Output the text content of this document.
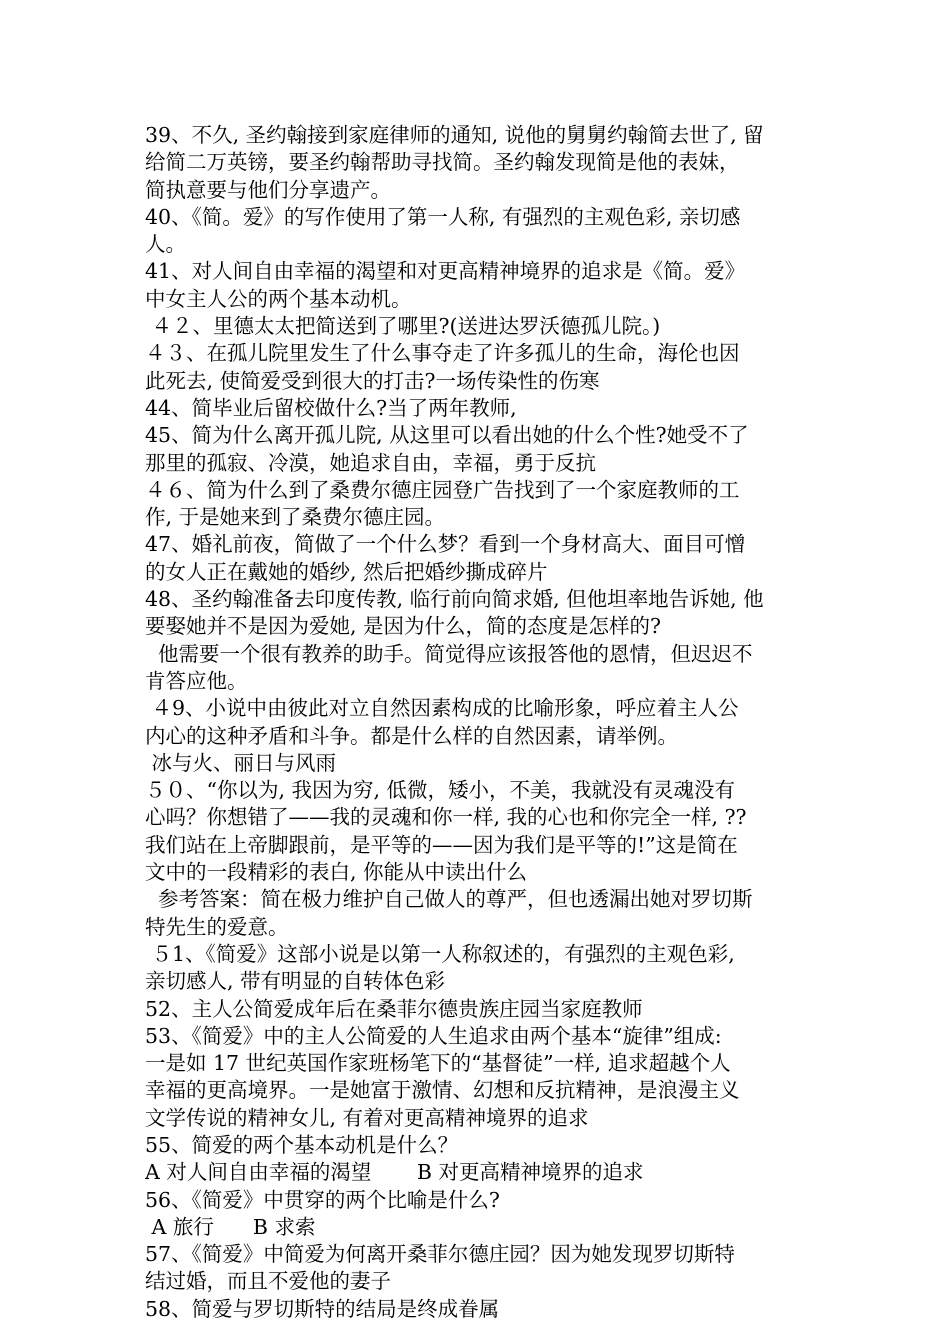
39、不久, 圣约翰接到家庭律师的通知, 说他的舅舅约翰简去世了, 留
给简二万英镑，要圣约翰帮助寻找简。圣约翰发现简是他的表妹，
简执意要与他们分享遗产。
40、《简。爱》的写作使用了第一人称, 有强烈的主观色彩, 亲切感
人。
41、对人间自由幸福的渴望和对更高精神境界的追求是《简。爱》
中女主人公的两个基本动机。
４２、里德太太把简送到了哪里?(送进达罗沃德孤儿院。)
４３、在孤儿院里发生了什么事夺走了许多孤儿的生命，海伦也因
此死去, 使简爱受到很大的打击?一场传染性的伤寒
44、简毕业后留校做什么?当了两年教师,
45、简为什么离开孤儿院, 从这里可以看出她的什么个性?她受不了
那里的孤寂、冷漠，她追求自由，幸福，勇于反抗
４６、简为什么到了桑费尔德庄园登广告找到了一个家庭教师的工
作, 于是她来到了桑费尔德庄园。
47、婚礼前夜，简做了一个什么梦？看到一个身材高大、面目可憎
的女人正在戴她的婚纱, 然后把婚纱撕成碎片
48、圣约翰准备去印度传教, 临行前向简求婚, 但他坦率地告诉她, 他
要娶她并不是因为爱她, 是因为什么，简的态度是怎样的?
他需要一个很有教养的助手。简觉得应该报答他的恩情，但迟迟不
肯答应他。
４9、小说中由彼此对立自然因素构成的比喻形象，呼应着主人公
内心的这种矛盾和斗争。都是什么样的自然因素，请举例。
冰与火、丽日与风雨
５０、“你以为, 我因为穷, 低微，矮小，不美，我就没有灵魂没有
心吗？你想错了——我的灵魂和你一样, 我的心也和你完全一样, ??
我们站在上帝脚跟前，是平等的——因为我们是平等的!”这是简在
文中的一段精彩的表白, 你能从中读出什么
参考答案：简在极力维护自己做人的尊严，但也透漏出她对罗切斯
特先生的爱意。
５1、《简爱》这部小说是以第一人称叙述的，有强烈的主观色彩,
亲切感人, 带有明显的自转体色彩
52、主人公简爱成年后在桑菲尔德贵族庄园当家庭教师
53、《简爱》中的主人公简爱的人生追求由两个基本“旋律”组成:
一是如 17 世纪英国作家班杨笔下的“基督徒”一样, 追求超越个人
幸福的更高境界。一是她富于激情、幻想和反抗精神，是浪漫主义
文学传说的精神女儿, 有着对更高精神境界的追求
55、简爱的两个基本动机是什么？
A 对人间自由幸福的渴望       B 对更高精神境界的追求
56、《简爱》中贯穿的两个比喻是什么?
A 旅行      B 求索
57、《简爱》中简爱为何离开桑菲尔德庄园？因为她发现罗切斯特
结过婚，而且不爱他的妻子
58、简爱与罗切斯特的结局是终成眷属
